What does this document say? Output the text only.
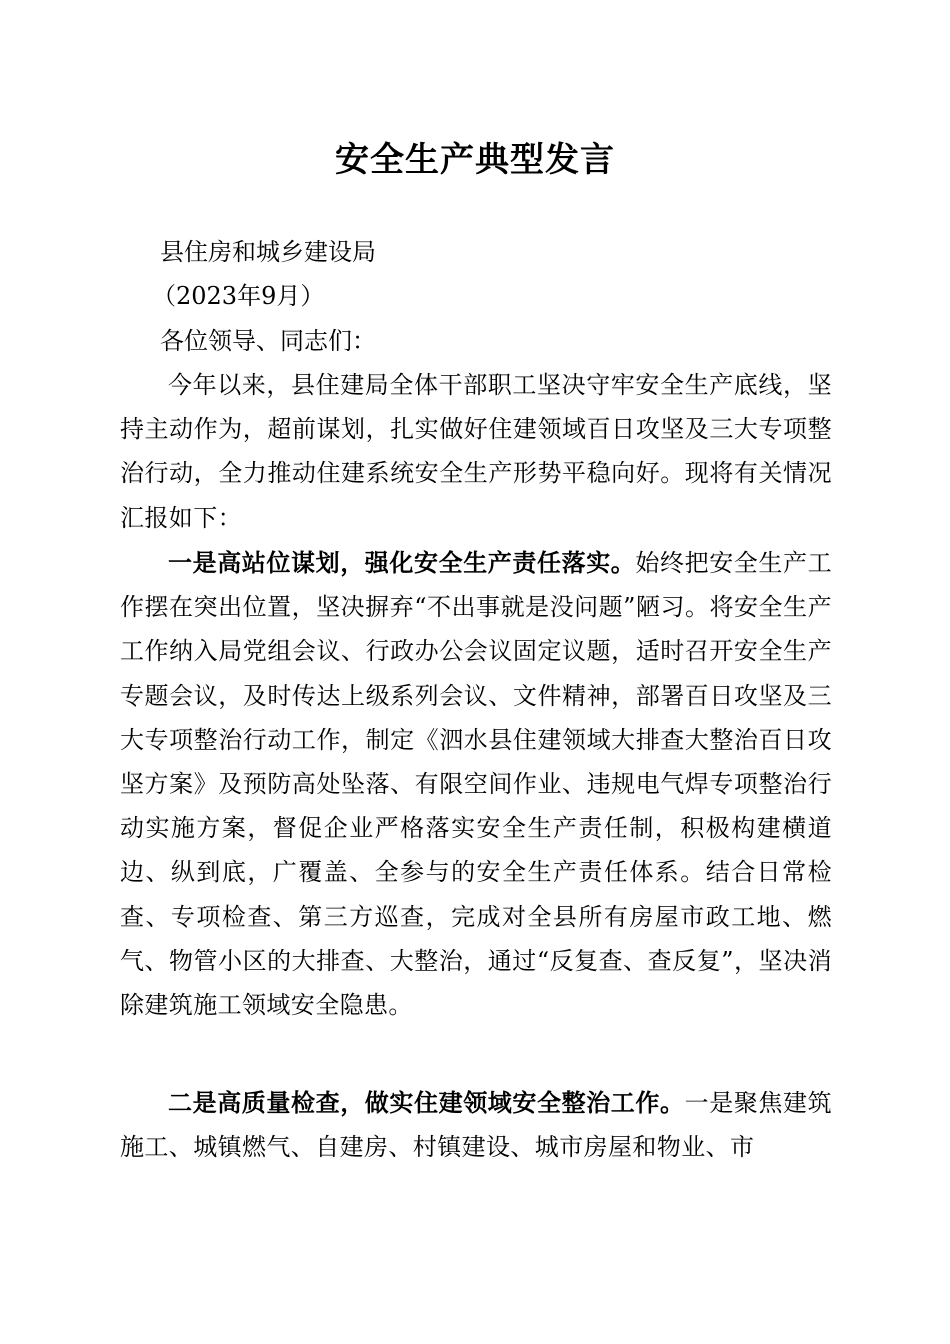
安全生产典型发言
县住房和城乡建设局
（2023年9月）
各位领导、同志们：

今年以来，县住建局全体干部职工坚决守牢安全生产底线，坚持主动作为，超前谋划，扎实做好住建领域百日攻坚及三大专项整治行动，全力推动住建系统安全生产形势平稳向好。现将有关情况汇报如下：

一是高站位谋划，强化安全生产责任落实。始终把安全生产工作摆在突出位置，坚决摒弃“不出事就是没问题”陋习。将安全生产工作纳入局党组会议、行政办公会议固定议题，适时召开安全生产专题会议，及时传达上级系列会议、文件精神，部署百日攻坚及三大专项整治行动工作，制定《泗水县住建领域大排查大整治百日攻坚方案》及预防高处坠落、有限空间作业、违规电气焊专项整治行动实施方案，督促企业严格落实安全生产责任制，积极构建横道边、纵到底，广覆盖、全参与的安全生产责任体系。结合日常检查、专项检查、第三方巡查，完成对全县所有房屋市政工地、燃气、物管小区的大排查、大整治，通过“反复查、查反复”，坚决消除建筑施工领域安全隐患。

二是高质量检查，做实住建领域安全整治工作。一是聚焦建筑施工、城镇燃气、自建房、村镇建设、城市房屋和物业、市
